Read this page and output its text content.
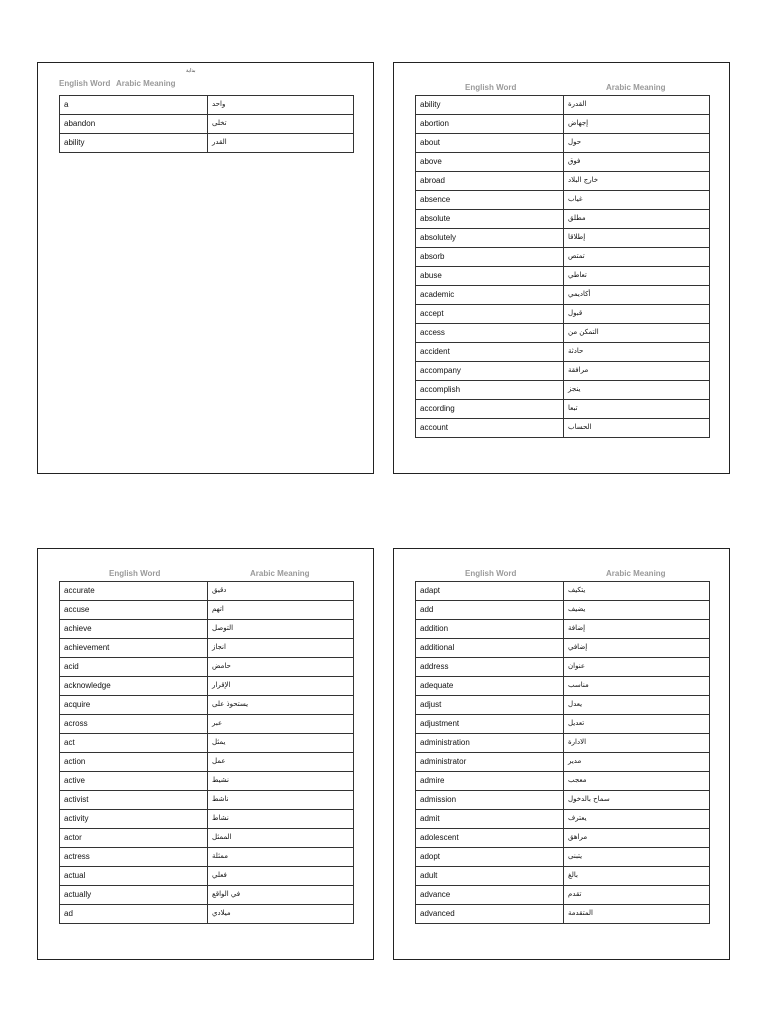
ﺑﺪاﻳﺔ
English Word Arabic Meaning
a	واحد
abandon	تخلى
ability	القدر
English Word	Arabic Meaning
ability	القدرة
abortion	إجهاض
about	حول
above	فوق
abroad	خارج البلاد
absence	غياب
absolute	مطلق
absolutely	إطلاقا
absorb	تمتص
abuse	تعاطي
academic	أكاديمي
accept	قبول
access	التمكن من
accident	حادثة
accompany	مرافقة
accomplish	ينجز
according	تبعا
account	الحساب
English Word	Arabic Meaning
accurate	دقيق
accuse	اتهم
achieve	التوصل
achievement	انجاز
acid	حامض
acknowledge	الإقرار
acquire	يستحوذ على
across	عبر
act	يمثل
action	عمل
active	نشيط
activist	ناشط
activity	نشاط
actor	الممثل
actress	ممثلة
actual	فعلي
actually	في الواقع
ad	ميلادي
English Word	Arabic Meaning
adapt	يتكيف
add	يضيف
addition	إضافة
additional	إضافي
address	عنوان
adequate	مناسب
adjust	يعدل
adjustment	تعديل
administration	الادارة
administrator	مدير
admire	معجب
admission	سماح بالدخول
admit	يعترف
adolescent	مراهق
adopt	يتبنى
adult	بالغ
advance	تقدم
advanced	المتقدمة
